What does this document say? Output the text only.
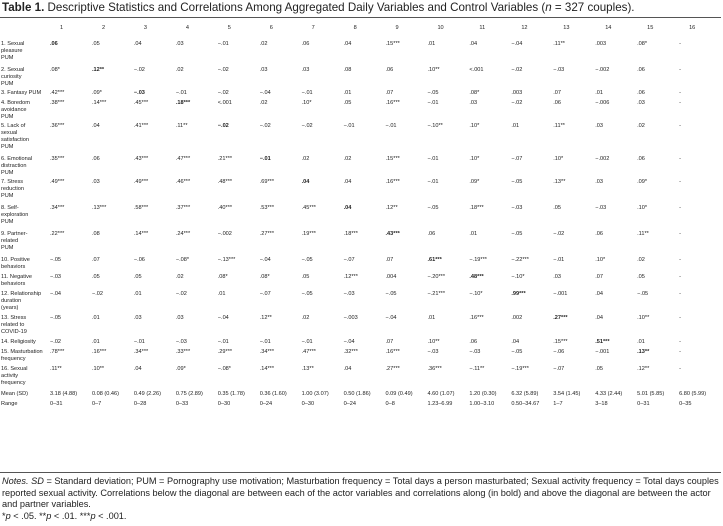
Table 1. Descriptive Statistics and Correlations Among Aggregated Daily Variables and Control Variables (n = 327 couples).
	1	2	3	4	5	6	7	8	9	10	11	12	13	14	15	16

1. Sexual
pleasure
PUM	.06	.05	.04	.03	−.01	.02	.06	.04	.15***	.01	.04	−.04	.11**	.003	.08*	-

2. Sexual
curiosity
PUM	.08*	.12**	−.02	.02	−.02	.03	.03	.08	.06	.10**	<.001	−.02	−.03	−.002	.06	-

3. Fantasy PUM	.42***	.09*	−.03	−.01	−.02	−.04	−.01	.01	.07	−.05	.08*	.003	.07	.01	.06	-

4. Boredom
avoidance
PUM	.38***	.14***	.45***	.18***	<.001	.02	.10*	.05	.16***	−.01	.03	−.02	.06	−.006	.03	-

5. Lack of
sexual
satisfaction
PUM	.36***	.04	.41***	.11**	−.02	−.02	−.02	−.01	−.01	−.10**	.10*	.01	.11**	.03	.02	-

6. Emotional
distraction
PUM	.35***	.06	.43***	.47***	.21***	−.01	.02	.02	.15***	−.01	.10*	−.07	.10*	−.002	.06	-

7. Stress
reduction
PUM	.49***	.03	.49***	.46***	.48***	.69***	.04	.04	.16***	−.01	.09*	−.05	.13**	.03	.09*	-

8. Self-
exploration
PUM	.34***	.13***	.58***	.37***	.40***	.53***	.45***	.04	.12**	−.05	.18***	−.03	.05	−.03	.10*	-

9. Partner-
related
PUM	.22***	.08	.14***	.24***	−.002	.27***	.19***	.18***	.43***	.06	.01	−.05	−.02	.06	.11**	-

10. Positive
behaviors	−.05	.07	−.06	−.08*	−.13***	−.04	−.05	−.07	.07	.61***	−.19***	−.22***	−.01	.10*	.02	-

11. Negative
behaviors	−.03	.05	.05	.02	.08*	.08*	.05	.12***	.004	−.20***	.48***	−.10*	.03	.07	.05	-

12. Relationship
duration
(years)	−.04	−.02	.01	−.02	.01	−.07	−.05	−.03	−.05	−.21***	−.10*	.99***	−.001	.04	−.05	-

13. Stress
related to
COVID-19	−.05	.01	.03	.03	−.04	.12**	.02	−.003	−.04	.01	.16***	.002	.27***	.04	.10**	-

14. Religiosity	−.02	.01	−.01	−.03	−.01	−.01	−.01	−.04	.07	.10**	.06	.04	.15***	.51***	.01	-

15. Masturbation
frequency	.78***	.16***	.34***	.33***	.29***	.34***	.47***	.32***	.16***	−.03	−.03	−.05	−.06	−.001	.13**	-

16. Sexual
activity
frequency	.11**	.10**	.04	.09*	−.08*	.14***	.13**	.04	.27***	.36***	−.11**	−.19***	−.07	.05	.12**	-
Mean (SD)	3.18 (4.88)	0.08 (0.46)	0.49 (2.26)	0.75 (2.89)	0.35 (1.78)	0.36 (1.60)	1.00 (3.07)	0.50 (1.86)	0.09 (0.49)	4.60 (1.07)	1.20 (0.30)	6.32 (5.89)	3.54 (1.45)	4.33 (2.44)	5.01 (5.85)	6.80 (5.99)
Range	0–31	0–7	0–28	0–33	0–30	0–24	0–30	0–24	0–8	1.23–6.99	1.00–3.10	0.50–34.67	1–7	3–18	0–31	0–35
Notes. SD = Standard deviation; PUM = Pornography use motivation; Masturbation frequency = Total days a person masturbated; Sexual activity frequency = Total days couples reported sexual activity. Correlations below the diagonal are between each of the actor variables and correlations along (in bold) and above the diagonal are between the actor and partner variables.
*p < .05. **p < .01. ***p < .001.
